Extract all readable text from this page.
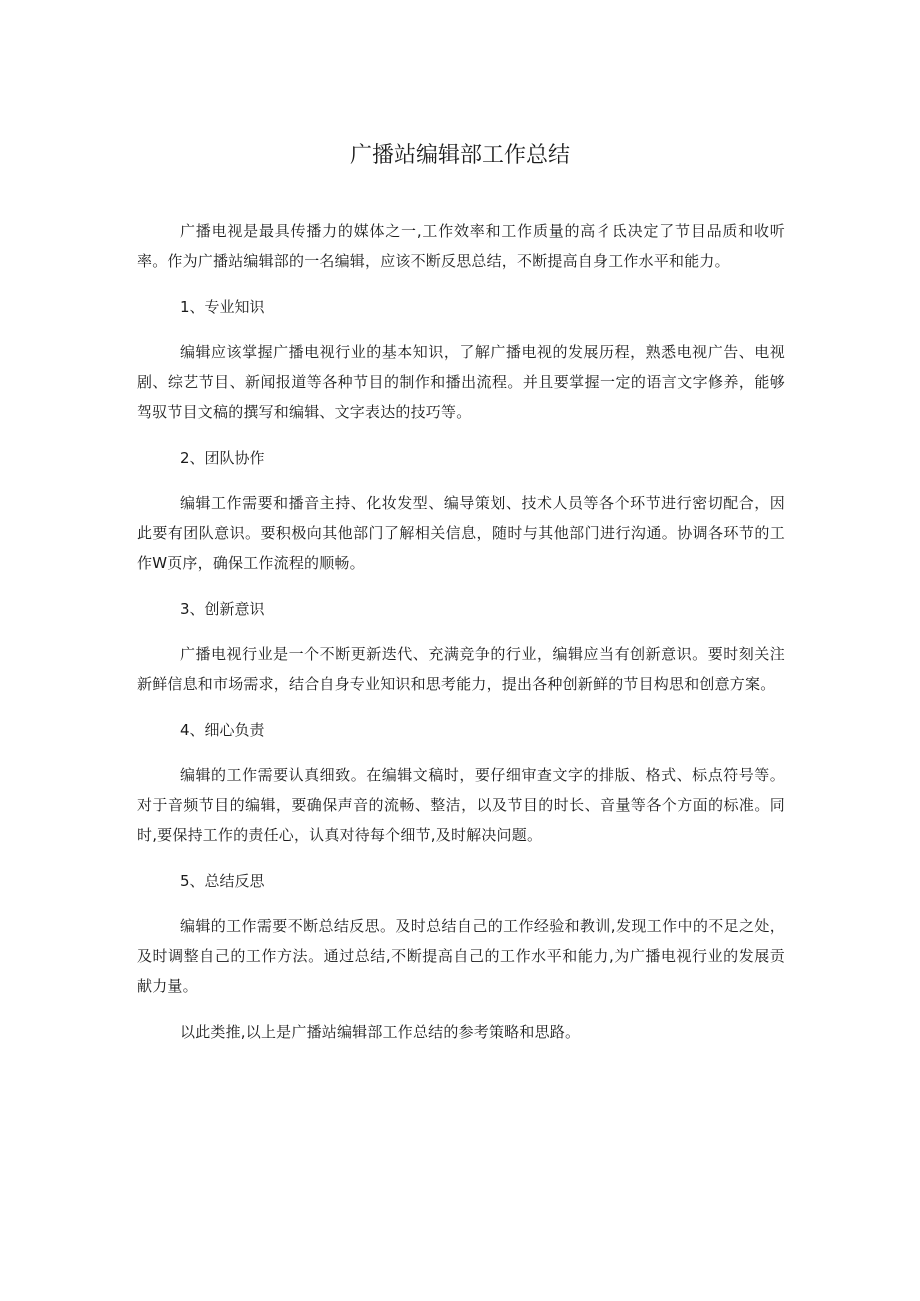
广播站编辑部工作总结

广播电视是最具传播力的媒体之一,工作效率和工作质量的高彳氐决定了节目品质和收听率。作为广播站编辑部的一名编辑，应该不断反思总结，不断提高自身工作水平和能力。

1、专业知识

编辑应该掌握广播电视行业的基本知识，了解广播电视的发展历程，熟悉电视广告、电视剧、综艺节目、新闻报道等各种节目的制作和播出流程。并且要掌握一定的语言文字修养，能够驾驭节目文稿的撰写和编辑、文字表达的技巧等。

2、团队协作

编辑工作需要和播音主持、化妆发型、编导策划、技术人员等各个环节进行密切配合，因此要有团队意识。要积极向其他部门了解相关信息，随时与其他部门进行沟通。协调各环节的工作W页序，确保工作流程的顺畅。

3、创新意识

广播电视行业是一个不断更新迭代、充满竞争的行业，编辑应当有创新意识。要时刻关注新鲜信息和市场需求，结合自身专业知识和思考能力，提出各种创新鲜的节目构思和创意方案。

4、细心负责

编辑的工作需要认真细致。在编辑文稿时，要仔细审查文字的排版、格式、标点符号等。对于音频节目的编辑，要确保声音的流畅、整洁，以及节目的时长、音量等各个方面的标准。同时,要保持工作的责任心，认真对待每个细节,及时解决问题。

5、总结反思

编辑的工作需要不断总结反思。及时总结自己的工作经验和教训,发现工作中的不足之处，及时调整自己的工作方法。通过总结,不断提高自己的工作水平和能力,为广播电视行业的发展贡献力量。

以此类推,以上是广播站编辑部工作总结的参考策略和思路。
